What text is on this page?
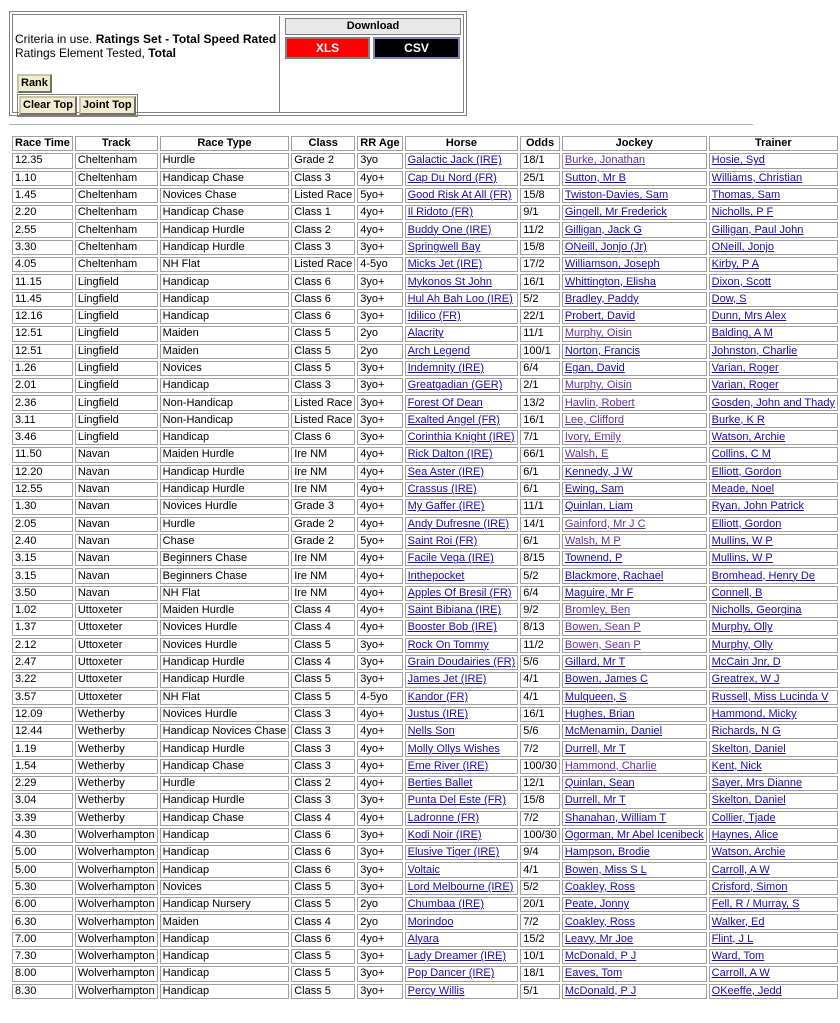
Criteria in use. Ratings Set - Total Speed Rated
Ratings Element Tested, Total
Rank
Clear Top Joint Top
Download
XLS	CSV
Race Time	Track	Race Type	Class	RR Age	Horse	Odds	Jockey	Trainer
12.35	Cheltenham	Hurdle	Grade 2	3yo	Galactic Jack (IRE)	18/1	Burke, Jonathan	Hosie, Syd
1.10	Cheltenham	Handicap Chase	Class 3	4yo+	Cap Du Nord (FR)	25/1	Sutton, Mr B	Williams, Christian
1.45	Cheltenham	Novices Chase	Listed Race	5yo+	Good Risk At All (FR)	15/8	Twiston-Davies, Sam	Thomas, Sam
2.20	Cheltenham	Handicap Chase	Class 1	4yo+	Il Ridoto (FR)	9/1	Gingell, Mr Frederick	Nicholls, P F
2.55	Cheltenham	Handicap Hurdle	Class 2	4yo+	Buddy One (IRE)	11/2	Gilligan, Jack G	Gilligan, Paul John
3.30	Cheltenham	Handicap Hurdle	Class 3	3yo+	Springwell Bay	15/8	ONeill, Jonjo (Jr)	ONeill, Jonjo
4.05	Cheltenham	NH Flat	Listed Race	4-5yo	Micks Jet (IRE)	17/2	Williamson, Joseph	Kirby, P A
11.15	Lingfield	Handicap	Class 6	3yo+	Mykonos St John	16/1	Whittington, Elisha	Dixon, Scott
11.45	Lingfield	Handicap	Class 6	3yo+	Hul Ah Bah Loo (IRE)	5/2	Bradley, Paddy	Dow, S
12.16	Lingfield	Handicap	Class 6	3yo+	Idilico (FR)	22/1	Probert, David	Dunn, Mrs Alex
12.51	Lingfield	Maiden	Class 5	2yo	Alacrity	11/1	Murphy, Oisin	Balding, A M
12.51	Lingfield	Maiden	Class 5	2yo	Arch Legend	100/1	Norton, Francis	Johnston, Charlie
1.26	Lingfield	Novices	Class 5	3yo+	Indemnity (IRE)	6/4	Egan, David	Varian, Roger
2.01	Lingfield	Handicap	Class 3	3yo+	Greatgadian (GER)	2/1	Murphy, Oisin	Varian, Roger
2.36	Lingfield	Non-Handicap	Listed Race	3yo+	Forest Of Dean	13/2	Havlin, Robert	Gosden, John and Thady
3.11	Lingfield	Non-Handicap	Listed Race	3yo+	Exalted Angel (FR)	16/1	Lee, Clifford	Burke, K R
3.46	Lingfield	Handicap	Class 6	3yo+	Corinthia Knight (IRE)	7/1	Ivory, Emily	Watson, Archie
11.50	Navan	Maiden Hurdle	Ire NM	4yo+	Rick Dalton (IRE)	66/1	Walsh, E	Collins, C M
12.20	Navan	Handicap Hurdle	Ire NM	4yo+	Sea Aster (IRE)	6/1	Kennedy, J W	Elliott, Gordon
12.55	Navan	Handicap Hurdle	Ire NM	4yo+	Crassus (IRE)	6/1	Ewing, Sam	Meade, Noel
1.30	Navan	Novices Hurdle	Grade 3	4yo+	My Gaffer (IRE)	11/1	Quinlan, Liam	Ryan, John Patrick
2.05	Navan	Hurdle	Grade 2	4yo+	Andy Dufresne (IRE)	14/1	Gainford, Mr J C	Elliott, Gordon
2.40	Navan	Chase	Grade 2	5yo+	Saint Roi (FR)	6/1	Walsh, M P	Mullins, W P
3.15	Navan	Beginners Chase	Ire NM	4yo+	Facile Vega (IRE)	8/15	Townend, P	Mullins, W P
3.15	Navan	Beginners Chase	Ire NM	4yo+	Inthepocket	5/2	Blackmore, Rachael	Bromhead, Henry De
3.50	Navan	NH Flat	Ire NM	4yo+	Apples Of Bresil (FR)	6/4	Maguire, Mr F	Connell, B
1.02	Uttoxeter	Maiden Hurdle	Class 4	4yo+	Saint Bibiana (IRE)	9/2	Bromley, Ben	Nicholls, Georgina
1.37	Uttoxeter	Novices Hurdle	Class 4	4yo+	Booster Bob (IRE)	8/13	Bowen, Sean P	Murphy, Olly
2.12	Uttoxeter	Novices Hurdle	Class 5	3yo+	Rock On Tommy	11/2	Bowen, Sean P	Murphy, Olly
2.47	Uttoxeter	Handicap Hurdle	Class 4	3yo+	Grain Doudairies (FR)	5/6	Gillard, Mr T	McCain Jnr, D
3.22	Uttoxeter	Handicap Hurdle	Class 5	3yo+	James Jet (IRE)	4/1	Bowen, James C	Greatrex, W J
3.57	Uttoxeter	NH Flat	Class 5	4-5yo	Kandor (FR)	4/1	Mulqueen, S	Russell, Miss Lucinda V
12.09	Wetherby	Novices Hurdle	Class 3	4yo+	Justus (IRE)	16/1	Hughes, Brian	Hammond, Micky
12.44	Wetherby	Handicap Novices Chase	Class 3	4yo+	Nells Son	5/6	McMenamin, Daniel	Richards, N G
1.19	Wetherby	Handicap Hurdle	Class 3	4yo+	Molly Ollys Wishes	7/2	Durrell, Mr T	Skelton, Daniel
1.54	Wetherby	Handicap Chase	Class 3	4yo+	Erne River (IRE)	100/30	Hammond, Charlie	Kent, Nick
2.29	Wetherby	Hurdle	Class 2	4yo+	Berties Ballet	12/1	Quinlan, Sean	Sayer, Mrs Dianne
3.04	Wetherby	Handicap Hurdle	Class 3	3yo+	Punta Del Este (FR)	15/8	Durrell, Mr T	Skelton, Daniel
3.39	Wetherby	Handicap Chase	Class 4	4yo+	Ladronne (FR)	7/2	Shanahan, William T	Collier, Tjade
4.30	Wolverhampton	Handicap	Class 6	3yo+	Kodi Noir (IRE)	100/30	Ogorman, Mr Abel Icenibeck	Haynes, Alice
5.00	Wolverhampton	Handicap	Class 6	3yo+	Elusive Tiger (IRE)	9/4	Hampson, Brodie	Watson, Archie
5.00	Wolverhampton	Handicap	Class 6	3yo+	Voltaic	4/1	Bowen, Miss S L	Carroll, A W
5.30	Wolverhampton	Novices	Class 5	3yo+	Lord Melbourne (IRE)	5/2	Coakley, Ross	Crisford, Simon
6.00	Wolverhampton	Handicap Nursery	Class 5	2yo	Chumbaa (IRE)	20/1	Peate, Jonny	Fell, R / Murray, S
6.30	Wolverhampton	Maiden	Class 4	2yo	Morindoo	7/2	Coakley, Ross	Walker, Ed
7.00	Wolverhampton	Handicap	Class 6	4yo+	Alyara	15/2	Leavy, Mr Joe	Flint, J L
7.30	Wolverhampton	Handicap	Class 5	3yo+	Lady Dreamer (IRE)	10/1	McDonald, P J	Ward, Tom
8.00	Wolverhampton	Handicap	Class 5	3yo+	Pop Dancer (IRE)	18/1	Eaves, Tom	Carroll, A W
8.30	Wolverhampton	Handicap	Class 5	3yo+	Percy Willis	5/1	McDonald, P J	OKeeffe, Jedd
